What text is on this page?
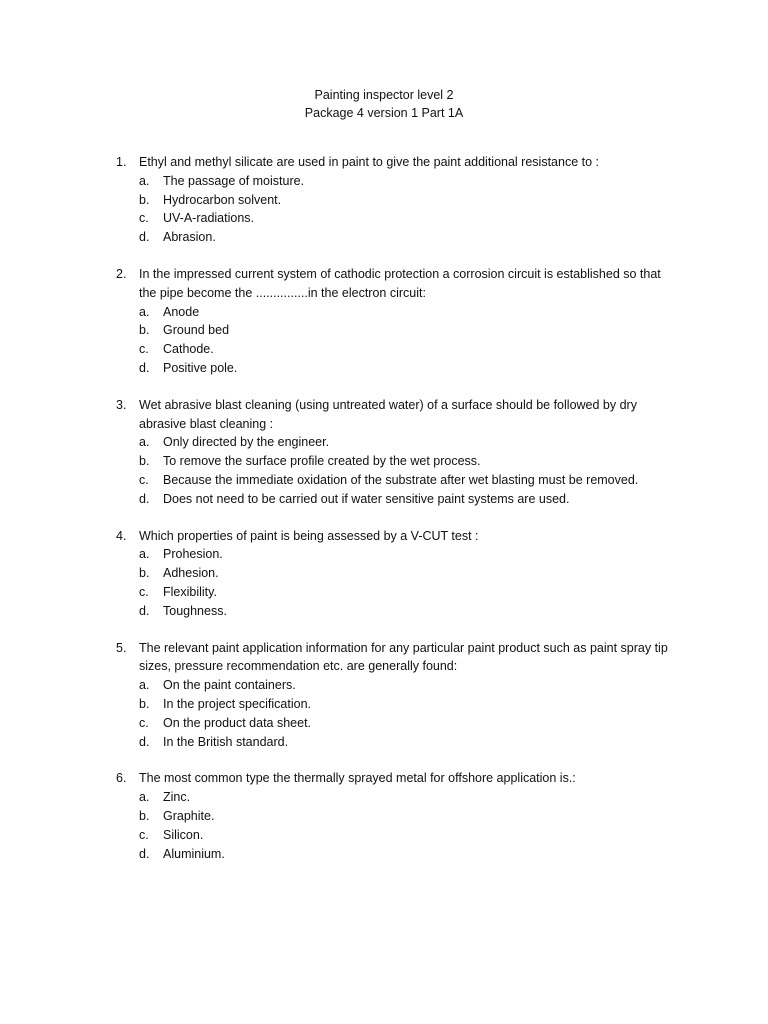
Painting inspector level 2
Package 4 version 1 Part 1A
1. Ethyl and methyl silicate are used in paint to give the paint additional resistance to :
a. The passage of moisture.
b. Hydrocarbon solvent.
c. UV-A-radiations.
d. Abrasion.
2. In the impressed current system of cathodic protection a corrosion circuit is established so that the pipe become the ...............in the electron circuit:
a. Anode
b. Ground bed
c. Cathode.
d. Positive pole.
3. Wet abrasive blast cleaning (using untreated water) of a surface should be followed by dry abrasive blast cleaning :
a. Only directed by the engineer.
b. To remove the surface profile created by the wet process.
c. Because the immediate oxidation of the substrate after wet blasting must be removed.
d. Does not need to be carried out if water sensitive paint systems are used.
4. Which properties of paint is being assessed by a V-CUT test :
a. Prohesion.
b. Adhesion.
c. Flexibility.
d. Toughness.
5. The relevant paint application information for any particular paint product such as paint spray tip sizes, pressure recommendation etc. are generally found:
a. On the paint containers.
b. In the project specification.
c. On the product data sheet.
d. In the British standard.
6. The most common type the thermally sprayed metal for offshore application is.:
a. Zinc.
b. Graphite.
c. Silicon.
d. Aluminium.
